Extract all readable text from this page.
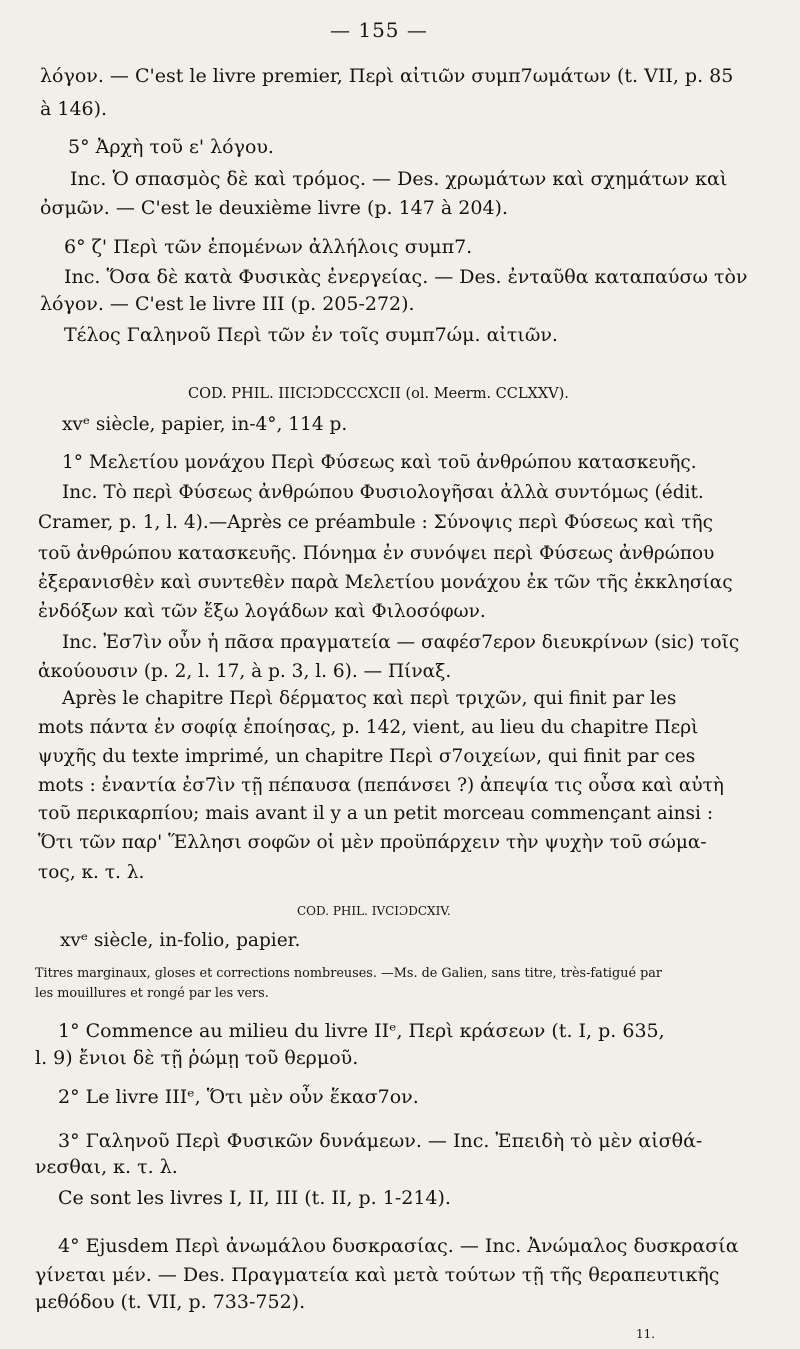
— 155 —
λόγον. — C'est le livre premier, Περὶ αἰτιῶν συμπ7ωμάτων (t. VII, p. 85
à 146).
5° Ἀρχὴ τοῦ ε' λόγου.
Inc. Ὁ σπασμὸς δὲ καὶ τρόμος. — Des. χρωμάτων καὶ σχημάτων καὶ
ὀσμῶν. — C'est le deuxième livre (p. 147 à 204).
6° ζ' Περὶ τῶν ἑπομένων ἀλλήλοις συμπ7.
Inc. Ὅσα δὲ κατὰ Φυσικὰς ἐνεργείας. — Des. ἐνταῦθα καταπαύσω τὸν
λόγον. — C'est le livre III (p. 205-272).
Τέλος Γαληνοῦ Περὶ τῶν ἐν τοῖς συμπ7ώμ. αἰτιῶν.
COD. PHIL. IIICIƆDCCCXCII (ol. Meerm. CCLXXV).
xvᵉ siècle, papier, in-4°, 114 p.
1° Μελετίου μονάχου Περὶ Φύσεως καὶ τοῦ ἀνθρώπου κατασκευῆς.
Inc. Τὸ περὶ Φύσεως ἀνθρώπου Φυσιολογῆσαι ἀλλὰ συντόμως (édit.
Cramer, p. 1, l. 4).—Après ce préambule : Σύνοψις περὶ Φύσεως καὶ τῆς
τοῦ ἀνθρώπου κατασκευῆς. Πόνημα ἐν συνόψει περὶ Φύσεως ἀνθρώπου
ἐξερανισθὲν καὶ συντεθὲν παρὰ Μελετίου μονάχου ἐκ τῶν τῆς ἐκκλησίας
ἐνδόξων καὶ τῶν ἔξω λογάδων καὶ Φιλοσόφων.
Inc. Ἐσ7ὶν οὖν ἡ πᾶσα πραγματεία — σαφέσ7ερον διευκρίνων (sic) τοῖς
ἀκούουσιν (p. 2, l. 17, à p. 3, l. 6). — Πίναξ.
Après le chapitre Περὶ δέρματος καὶ περὶ τριχῶν, qui finit par les
mots πάντα ἐν σοφίᾳ ἐποίησας, p. 142, vient, au lieu du chapitre Περὶ
ψυχῆς du texte imprimé, un chapitre Περὶ σ7οιχείων, qui finit par ces
mots : ἐναντία ἐσ7ὶν τῇ πέπαυσα (πεπάνσει ?) ἀπεψία τις οὖσα καὶ αὐτὴ
τοῦ περικαρπίου; mais avant il y a un petit morceau commençant ainsi :
Ὅτι τῶν παρ' Ἕλλησι σοφῶν οἱ μὲν προϋπάρχειν τὴν ψυχὴν τοῦ σώμα-
τος, κ. τ. λ.
COD. PHIL. IVCIƆDCXIV.
xvᵉ siècle, in-folio, papier.
Titres marginaux, gloses et corrections nombreuses. —Ms. de Galien, sans titre, très-fatigué par
les mouillures et rongé par les vers.
1° Commence au milieu du livre IIᵉ, Περὶ κράσεων (t. I, p. 635,
l. 9) ἔνιοι δὲ τῇ ῥώμῃ τοῦ θερμοῦ.
2° Le livre IIIᵉ, Ὅτι μὲν οὖν ἕκασ7ον.
3° Γαληνοῦ Περὶ Φυσικῶν δυνάμεων. — Inc. Ἐπειδὴ τὸ μὲν αἰσθά-
νεσθαι, κ. τ. λ.
Ce sont les livres I, II, III (t. II, p. 1-214).
4° Ejusdem Περὶ ἀνωμάλου δυσκρασίας. — Inc. Ἀνώμαλος δυσκρασία
γίνεται μέν. — Des. Πραγματεία καὶ μετὰ τούτων τῇ τῆς θεραπευτικῆς
μεθόδου (t. VII, p. 733-752).
11.
